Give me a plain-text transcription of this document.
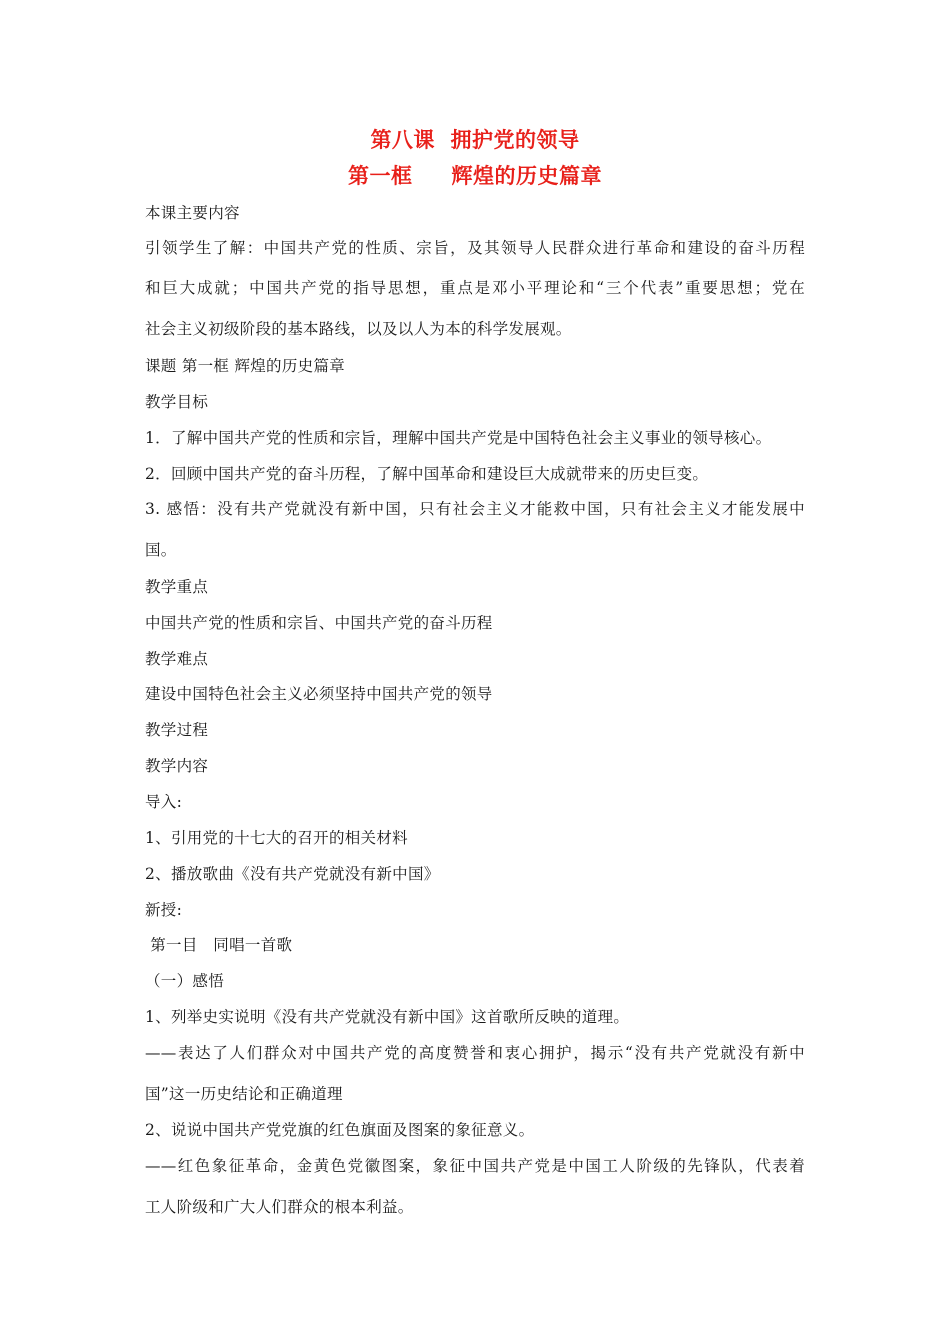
第八课  拥护党的领导
第一框     辉煌的历史篇章
本课主要内容
引领学生了解：中国共产党的性质、宗旨，及其领导人民群众进行革命和建设的奋斗历程
和巨大成就；中国共产党的指导思想，重点是邓小平理论和“三个代表”重要思想；党在
社会主义初级阶段的基本路线，以及以人为本的科学发展观。
课题 第一框 辉煌的历史篇章
教学目标
1．了解中国共产党的性质和宗旨，理解中国共产党是中国特色社会主义事业的领导核心。
2．回顾中国共产党的奋斗历程，了解中国革命和建设巨大成就带来的历史巨变。
3. 感悟：没有共产党就没有新中国，只有社会主义才能救中国，只有社会主义才能发展中
国。
教学重点
中国共产党的性质和宗旨、中国共产党的奋斗历程
教学难点
建设中国特色社会主义必须坚持中国共产党的领导
教学过程
教学内容
导入:
1、引用党的十七大的召开的相关材料
2、播放歌曲《没有共产党就没有新中国》
新授:
第一目   同唱一首歌
（一）感悟
1、列举史实说明《没有共产党就没有新中国》这首歌所反映的道理。
——表达了人们群众对中国共产党的高度赞誉和衷心拥护，揭示“没有共产党就没有新中
国”这一历史结论和正确道理
2、说说中国共产党党旗的红色旗面及图案的象征意义。
——红色象征革命，金黄色党徽图案，象征中国共产党是中国工人阶级的先锋队，代表着
工人阶级和广大人们群众的根本利益。
